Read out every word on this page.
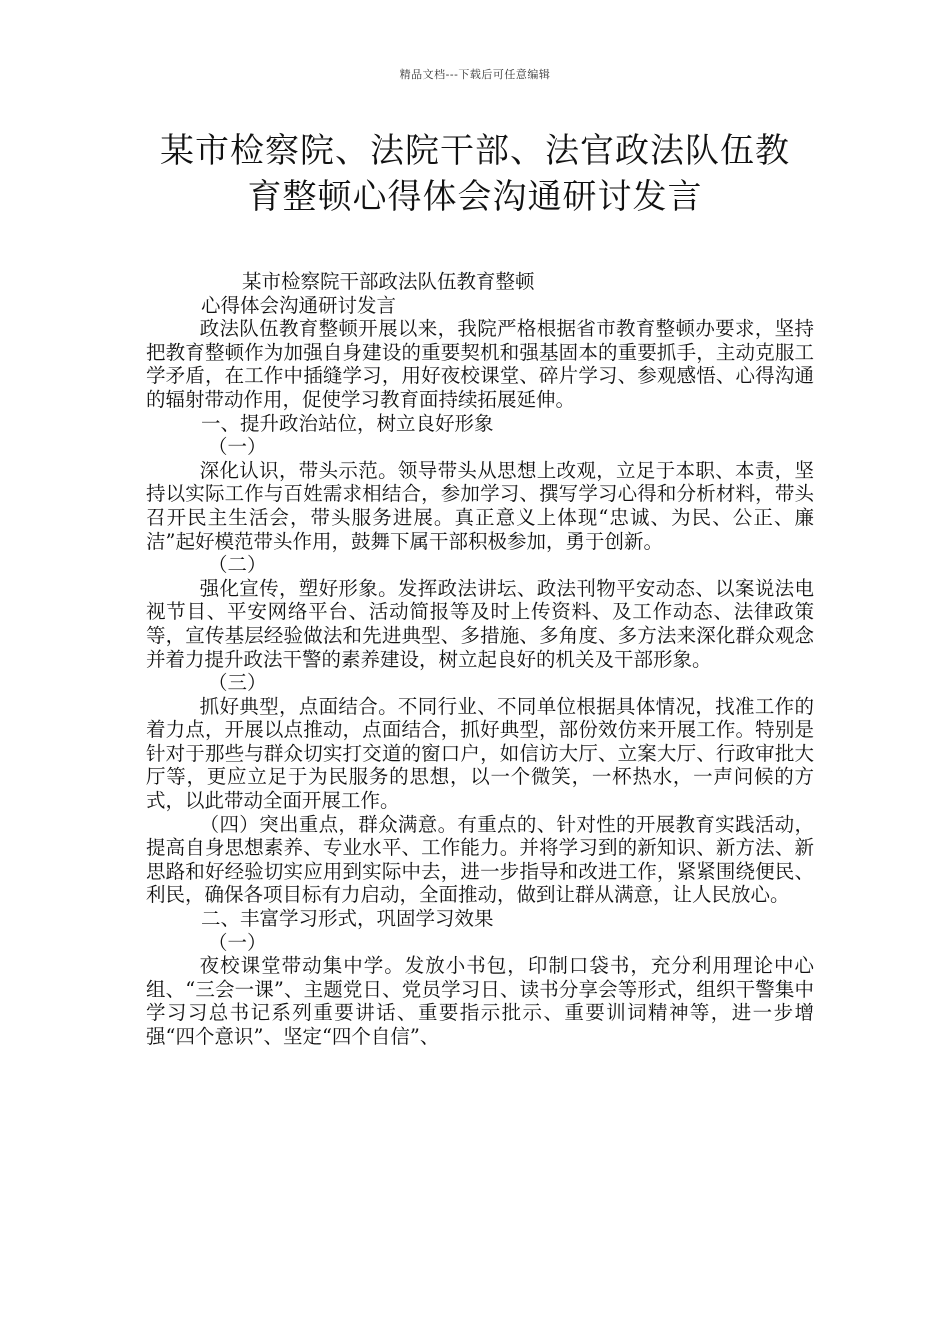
精品文档---下载后可任意编辑
某市检察院、法院干部、法官政法队伍教
育整顿心得体会沟通研讨发言

某市检察院干部政法队伍教育整顿

心得体会沟通研讨发言

政法队伍教育整顿开展以来，我院严格根据省市教育整顿办要求，坚持把教育整顿作为加强自身建设的重要契机和强基固本的重要抓手，主动克服工学矛盾，在工作中插缝学习，用好夜校课堂、碎片学习、参观感悟、心得沟通的辐射带动作用，促使学习教育面持续拓展延伸。

一、提升政治站位，树立良好形象

（一）

深化认识，带头示范。领导带头从思想上改观，立足于本职、本责，坚持以实际工作与百姓需求相结合，参加学习、撰写学习心得和分析材料，带头召开民主生活会，带头服务进展。真正意义上体现“忠诚、为民、公正、廉洁”起好模范带头作用，鼓舞下属干部积极参加，勇于创新。

（二）

强化宣传，塑好形象。发挥政法讲坛、政法刊物平安动态、以案说法电视节目、平安网络平台、活动简报等及时上传资料、及工作动态、法律政策等，宣传基层经验做法和先进典型、多措施、多角度、多方法来深化群众观念并着力提升政法干警的素养建设，树立起良好的机关及干部形象。

（三）

抓好典型，点面结合。不同行业、不同单位根据具体情况，找准工作的着力点，开展以点推动，点面结合，抓好典型，部份效仿来开展工作。特别是针对于那些与群众切实打交道的窗口户，如信访大厅、立案大厅、行政审批大厅等，更应立足于为民服务的思想，以一个微笑，一杯热水，一声问候的方式，以此带动全面开展工作。

（四）突出重点，群众满意。有重点的、针对性的开展教育实践活动，提高自身思想素养、专业水平、工作能力。并将学习到的新知识、新方法、新思路和好经验切实应用到实际中去，进一步指导和改进工作，紧紧围绕便民、利民，确保各项目标有力启动，全面推动，做到让群从满意，让人民放心。

二、丰富学习形式，巩固学习效果

（一）

夜校课堂带动集中学。发放小书包，印制口袋书，充分利用理论中心组、“三会一课”、主题党日、党员学习日、读书分享会等形式，组织干警集中学习习总书记系列重要讲话、重要指示批示、重要训词精神等，进一步增强“四个意识”、坚定“四个自信”、
